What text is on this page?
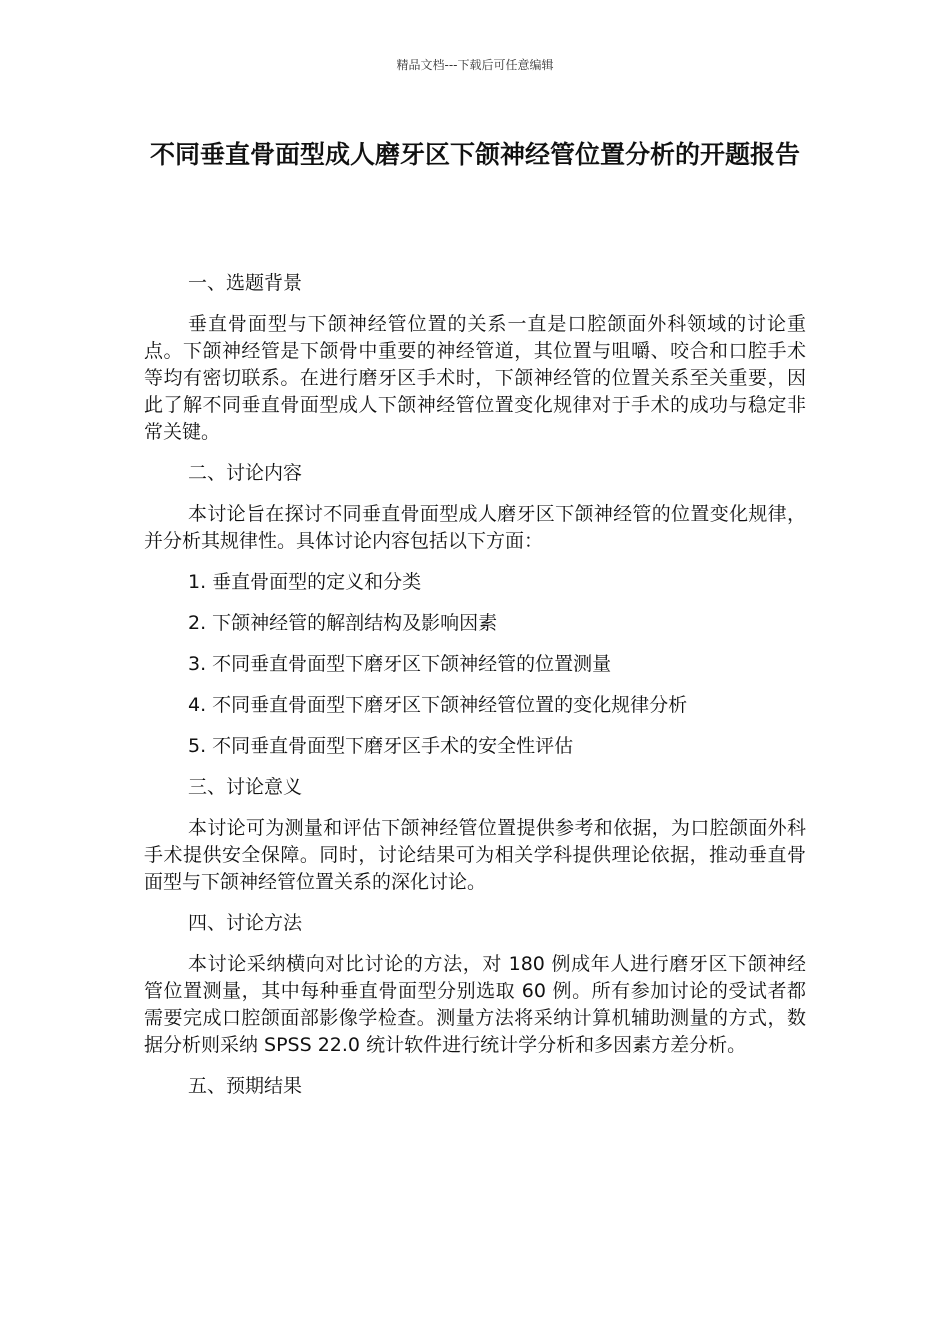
精品文档---下载后可任意编辑
不同垂直骨面型成人磨牙区下颌神经管位置分析的开题报告

一、选题背景

垂直骨面型与下颌神经管位置的关系一直是口腔颌面外科领域的讨论重点。下颌神经管是下颌骨中重要的神经管道，其位置与咀嚼、咬合和口腔手术等均有密切联系。在进行磨牙区手术时，下颌神经管的位置关系至关重要，因此了解不同垂直骨面型成人下颌神经管位置变化规律对于手术的成功与稳定非常关键。

二、讨论内容

本讨论旨在探讨不同垂直骨面型成人磨牙区下颌神经管的位置变化规律，并分析其规律性。具体讨论内容包括以下方面：

1. 垂直骨面型的定义和分类

2. 下颌神经管的解剖结构及影响因素

3. 不同垂直骨面型下磨牙区下颌神经管的位置测量

4. 不同垂直骨面型下磨牙区下颌神经管位置的变化规律分析

5. 不同垂直骨面型下磨牙区手术的安全性评估

三、讨论意义

本讨论可为测量和评估下颌神经管位置提供参考和依据，为口腔颌面外科手术提供安全保障。同时，讨论结果可为相关学科提供理论依据，推动垂直骨面型与下颌神经管位置关系的深化讨论。

四、讨论方法

本讨论采纳横向对比讨论的方法，对 180 例成年人进行磨牙区下颌神经管位置测量，其中每种垂直骨面型分别选取 60 例。所有参加讨论的受试者都需要完成口腔颌面部影像学检查。测量方法将采纳计算机辅助测量的方式，数据分析则采纳 SPSS 22.0 统计软件进行统计学分析和多因素方差分析。

五、预期结果
